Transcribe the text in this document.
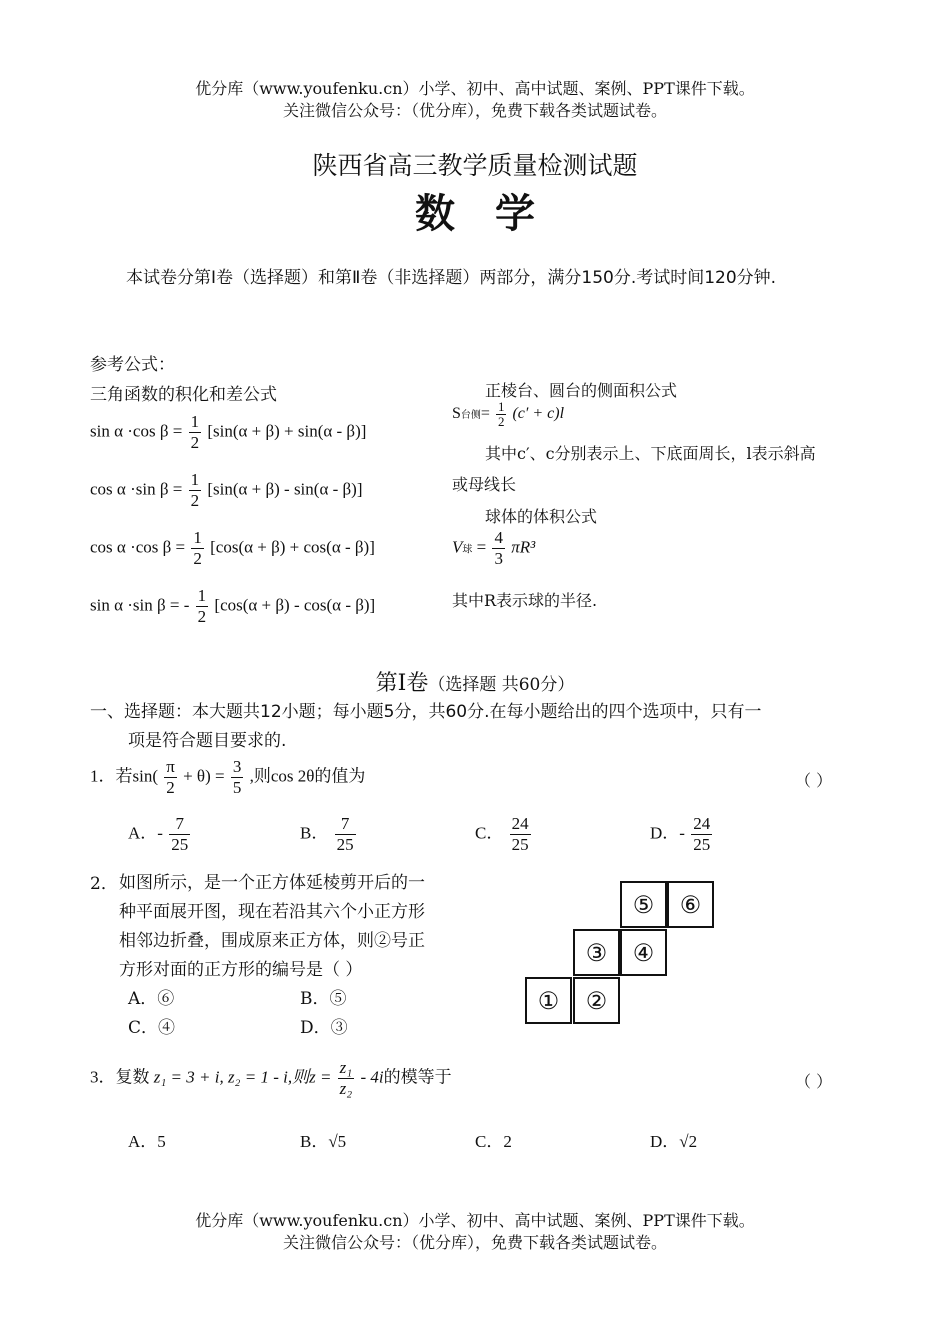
优分库（www.youfenku.cn）小学、初中、高中试题、案例、PPT课件下载。
关注微信公众号：（优分库），免费下载各类试题试卷。
陕西省高三教学质量检测试题
数学
本试卷分第Ⅰ卷（选择题）和第Ⅱ卷（非选择题）两部分，满分150分.考试时间120分钟.
参考公式：
三角函数的积化和差公式
sin α ·cos $\beta = \frac{1}{2} [\sin(\alpha + \beta) + \sin(\alpha - \beta)]$
cos α ·sin $\beta = \frac{1}{2} [\sin(\alpha + \beta) - \sin(\alpha - \beta)]$
cos α ·cos $\beta = \frac{1}{2} [\cos(\alpha + \beta) + \cos(\alpha - \beta)]$
sin α ·sin β = - $\frac{1}{2} [\cos(\alpha + \beta) - \cos(\alpha - \beta)]$
正棱台、圆台的侧面积公式
S台侧= $\frac{1}{2} (c' + c)l$
其中c′、c分别表示上、下底面周长，l表示斜高
或母线长
球体的体积公式
V球 = $\frac{4}{3} \pi R^3$
其中R表示球的半径.
第Ⅰ卷（选择题 共60分）
一、选择题：本大题共12小题；每小题5分，共60分.在每小题给出的四个选项中，只有一
项是符合题目要求的.
1．若$\sin( \frac{\pi}{2} + \theta) = \frac{3}{5}$ ,则cos 2θ的值为	（ ）
A．- $\frac{7}{25}$	B． $\frac{7}{25}$	C． $\frac{24}{25}$	D．- $\frac{24}{25}$
2． 如图所示，是一个正方体延棱剪开后的一
种平面展开图，现在若沿其六个小正方形
相邻边折叠，围成原来正方体，则②号正
方形对面的正方形的编号是（ ）
A．⑥	B．⑤
C．④	D．③
①	②
③	④
⑤	⑥
3．复数 z₁ = 3 + i, z₂ = 1 - i,则$z = \frac{\text{z₁}}{\text{z₂}} - 4i$的模等于	（ ）
A．5	B．√5	C．2	D．√2
优分库（www.youfenku.cn）小学、初中、高中试题、案例、PPT课件下载。
关注微信公众号：（优分库），免费下载各类试题试卷。
